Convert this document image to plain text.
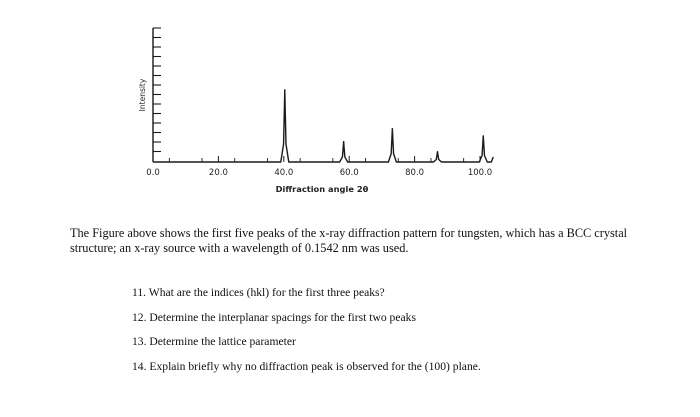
Intensity
0.0	20.0	40.0	60.0	80.0	100.0
Diffraction angle 2θ

The Figure above shows the first five peaks of the x-ray diffraction pattern for tungsten, which has a BCC crystal structure; an x-ray source with a wavelength of 0.1542 nm was used.

11. What are the indices (hkl) for the first three peaks?
12. Determine the interplanar spacings for the first two peaks
13. Determine the lattice parameter
14. Explain briefly why no diffraction peak is observed for the (100) plane.
